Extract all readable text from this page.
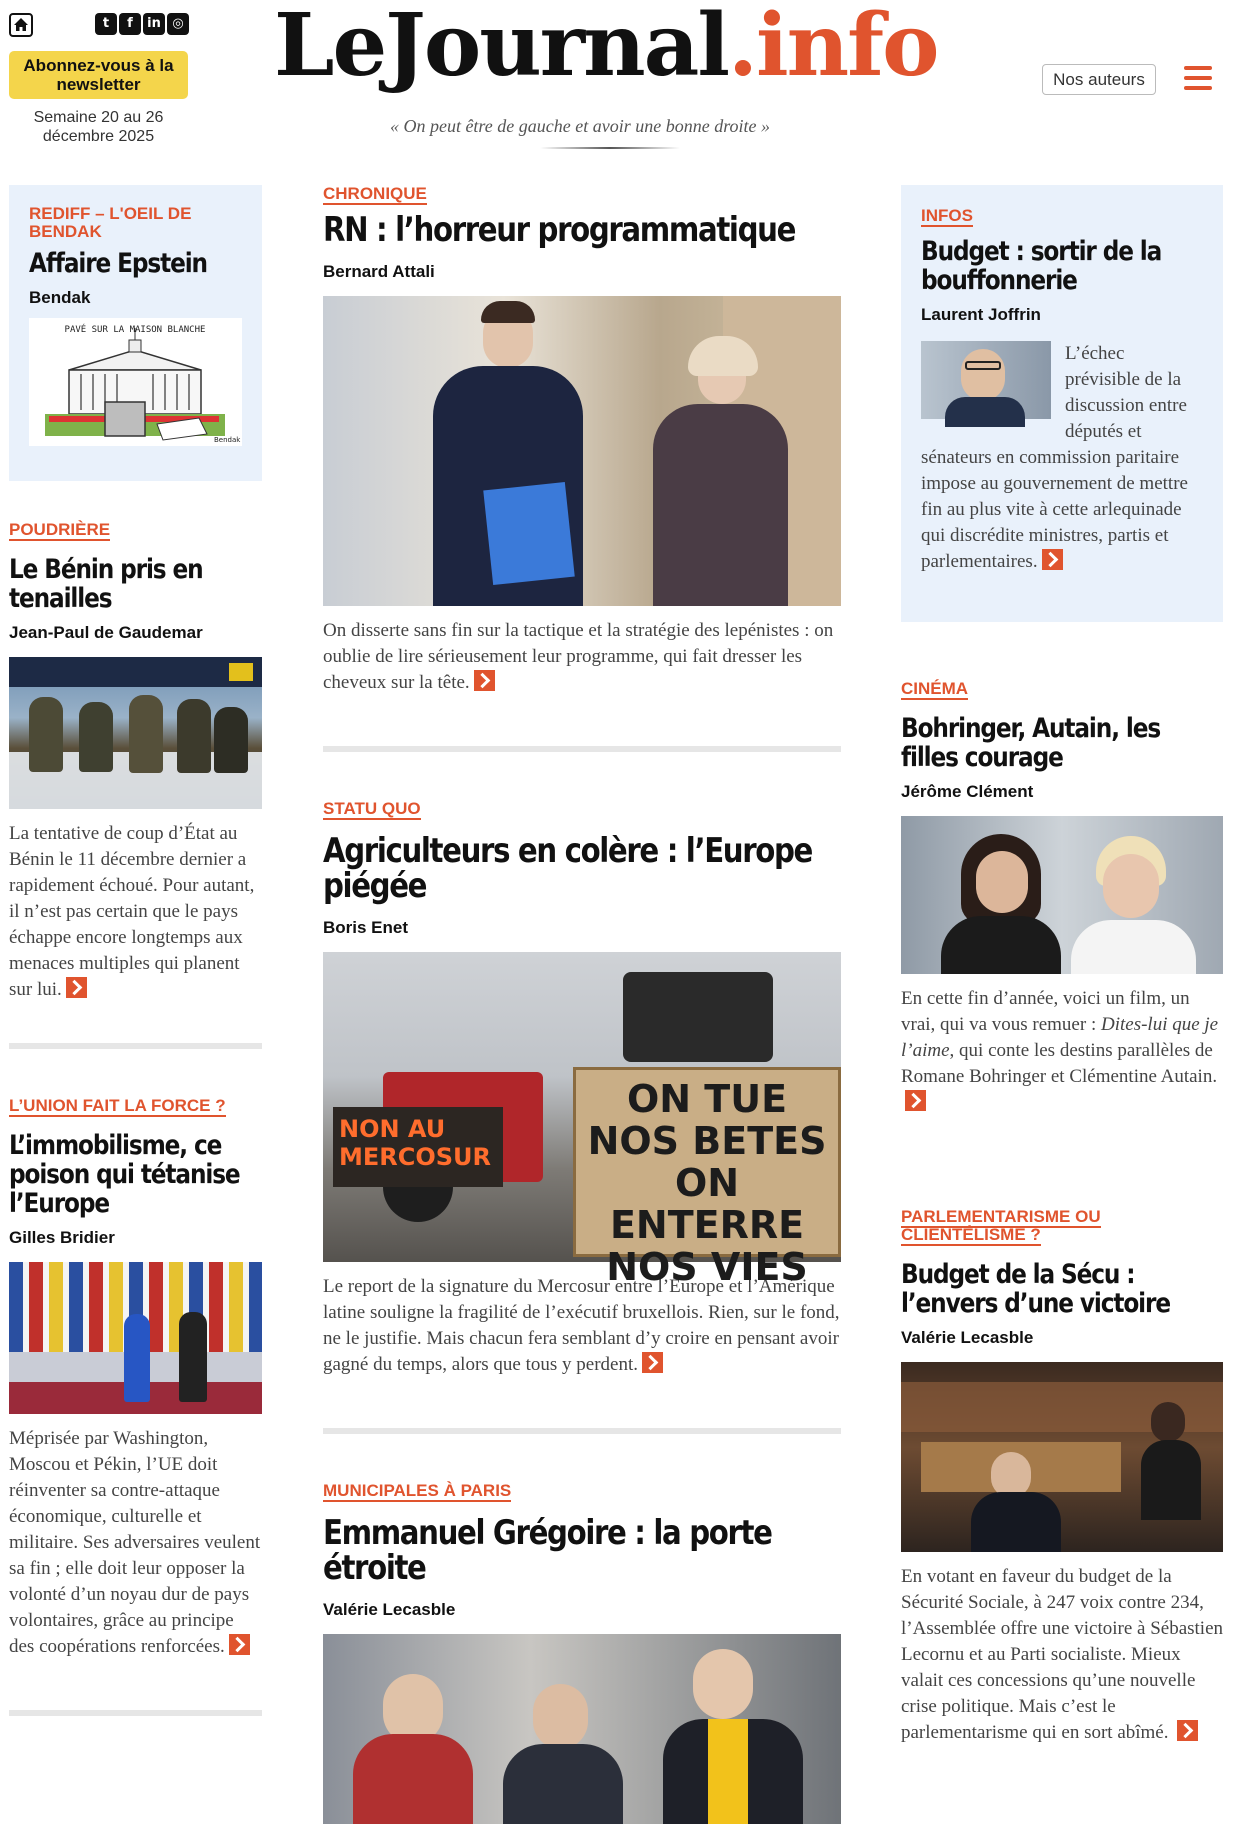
t	f	in ◎
Abonnez-vous à la newsletter
Semaine 20 au 26 décembre 2025
LeJournal.info
« On peut être de gauche et avoir une bonne droite »
Nos auteurs
REDIFF – L'OEIL DE BENDAK
Affaire Epstein
Bendak
PAVÉ SUR LA MAISON BLANCHE
Bendak
POUDRIÈRE
Le Bénin pris en tenailles
Jean-Paul de Gaudemar
La tentative de coup d’État au Bénin le 11 décembre dernier a rapidement échoué. Pour autant, il n’est pas certain que le pays échappe encore longtemps aux menaces multiples qui planent sur lui.
L’UNION FAIT LA FORCE ?
L’immobilisme, ce poison qui tétanise l’Europe
Gilles Bridier
Méprisée par Washington, Moscou et Pékin, l’UE doit réinventer sa contre-attaque économique, culturelle et militaire. Ses adversaires veulent sa fin ; elle doit leur opposer la volonté d’un noyau dur de pays volontaires, grâce au principe des coopérations renforcées.
CHRONIQUE
RN : l’horreur programmatique
Bernard Attali
On disserte sans fin sur la tactique et la stratégie des lepénistes : on oublie de lire sérieusement leur programme, qui fait dresser les cheveux sur la tête.
STATU QUO
Agriculteurs en colère : l’Europe piégée
Boris Enet
NON AU MERCOSUR
ON TUE NOS BETES ON ENTERRE NOS VIES
Le report de la signature du Mercosur entre l’Europe et l’Amérique latine souligne la fragilité de l’exécutif bruxellois. Rien, sur le fond, ne le justifie. Mais chacun fera semblant d’y croire en pensant avoir gagné du temps, alors que tous y perdent.
MUNICIPALES À PARIS
Emmanuel Grégoire : la porte étroite
Valérie Lecasble
INFOS
Budget : sortir de la bouffonnerie
Laurent Joffrin
L’échec prévisible de la discussion entre députés et sénateurs en commission paritaire impose au gouvernement de mettre fin au plus vite à cette arlequinade qui discrédite ministres, partis et parlementaires.
CINÉMA
Bohringer, Autain, les filles courage
Jérôme Clément
En cette fin d’année, voici un film, un vrai, qui va vous remuer : Dites-lui que je l’aime, qui conte les destins parallèles de Romane Bohringer et Clémentine Autain.
PARLEMENTARISME OU CLIENTÉLISME ?
Budget de la Sécu : l’envers d’une victoire
Valérie Lecasble
En votant en faveur du budget de la Sécurité Sociale, à 247 voix contre 234, l’Assemblée offre une victoire à Sébastien Lecornu et au Parti socialiste. Mieux valait ces concessions qu’une nouvelle crise politique. Mais c’est le parlementarisme qui en sort abîmé.
